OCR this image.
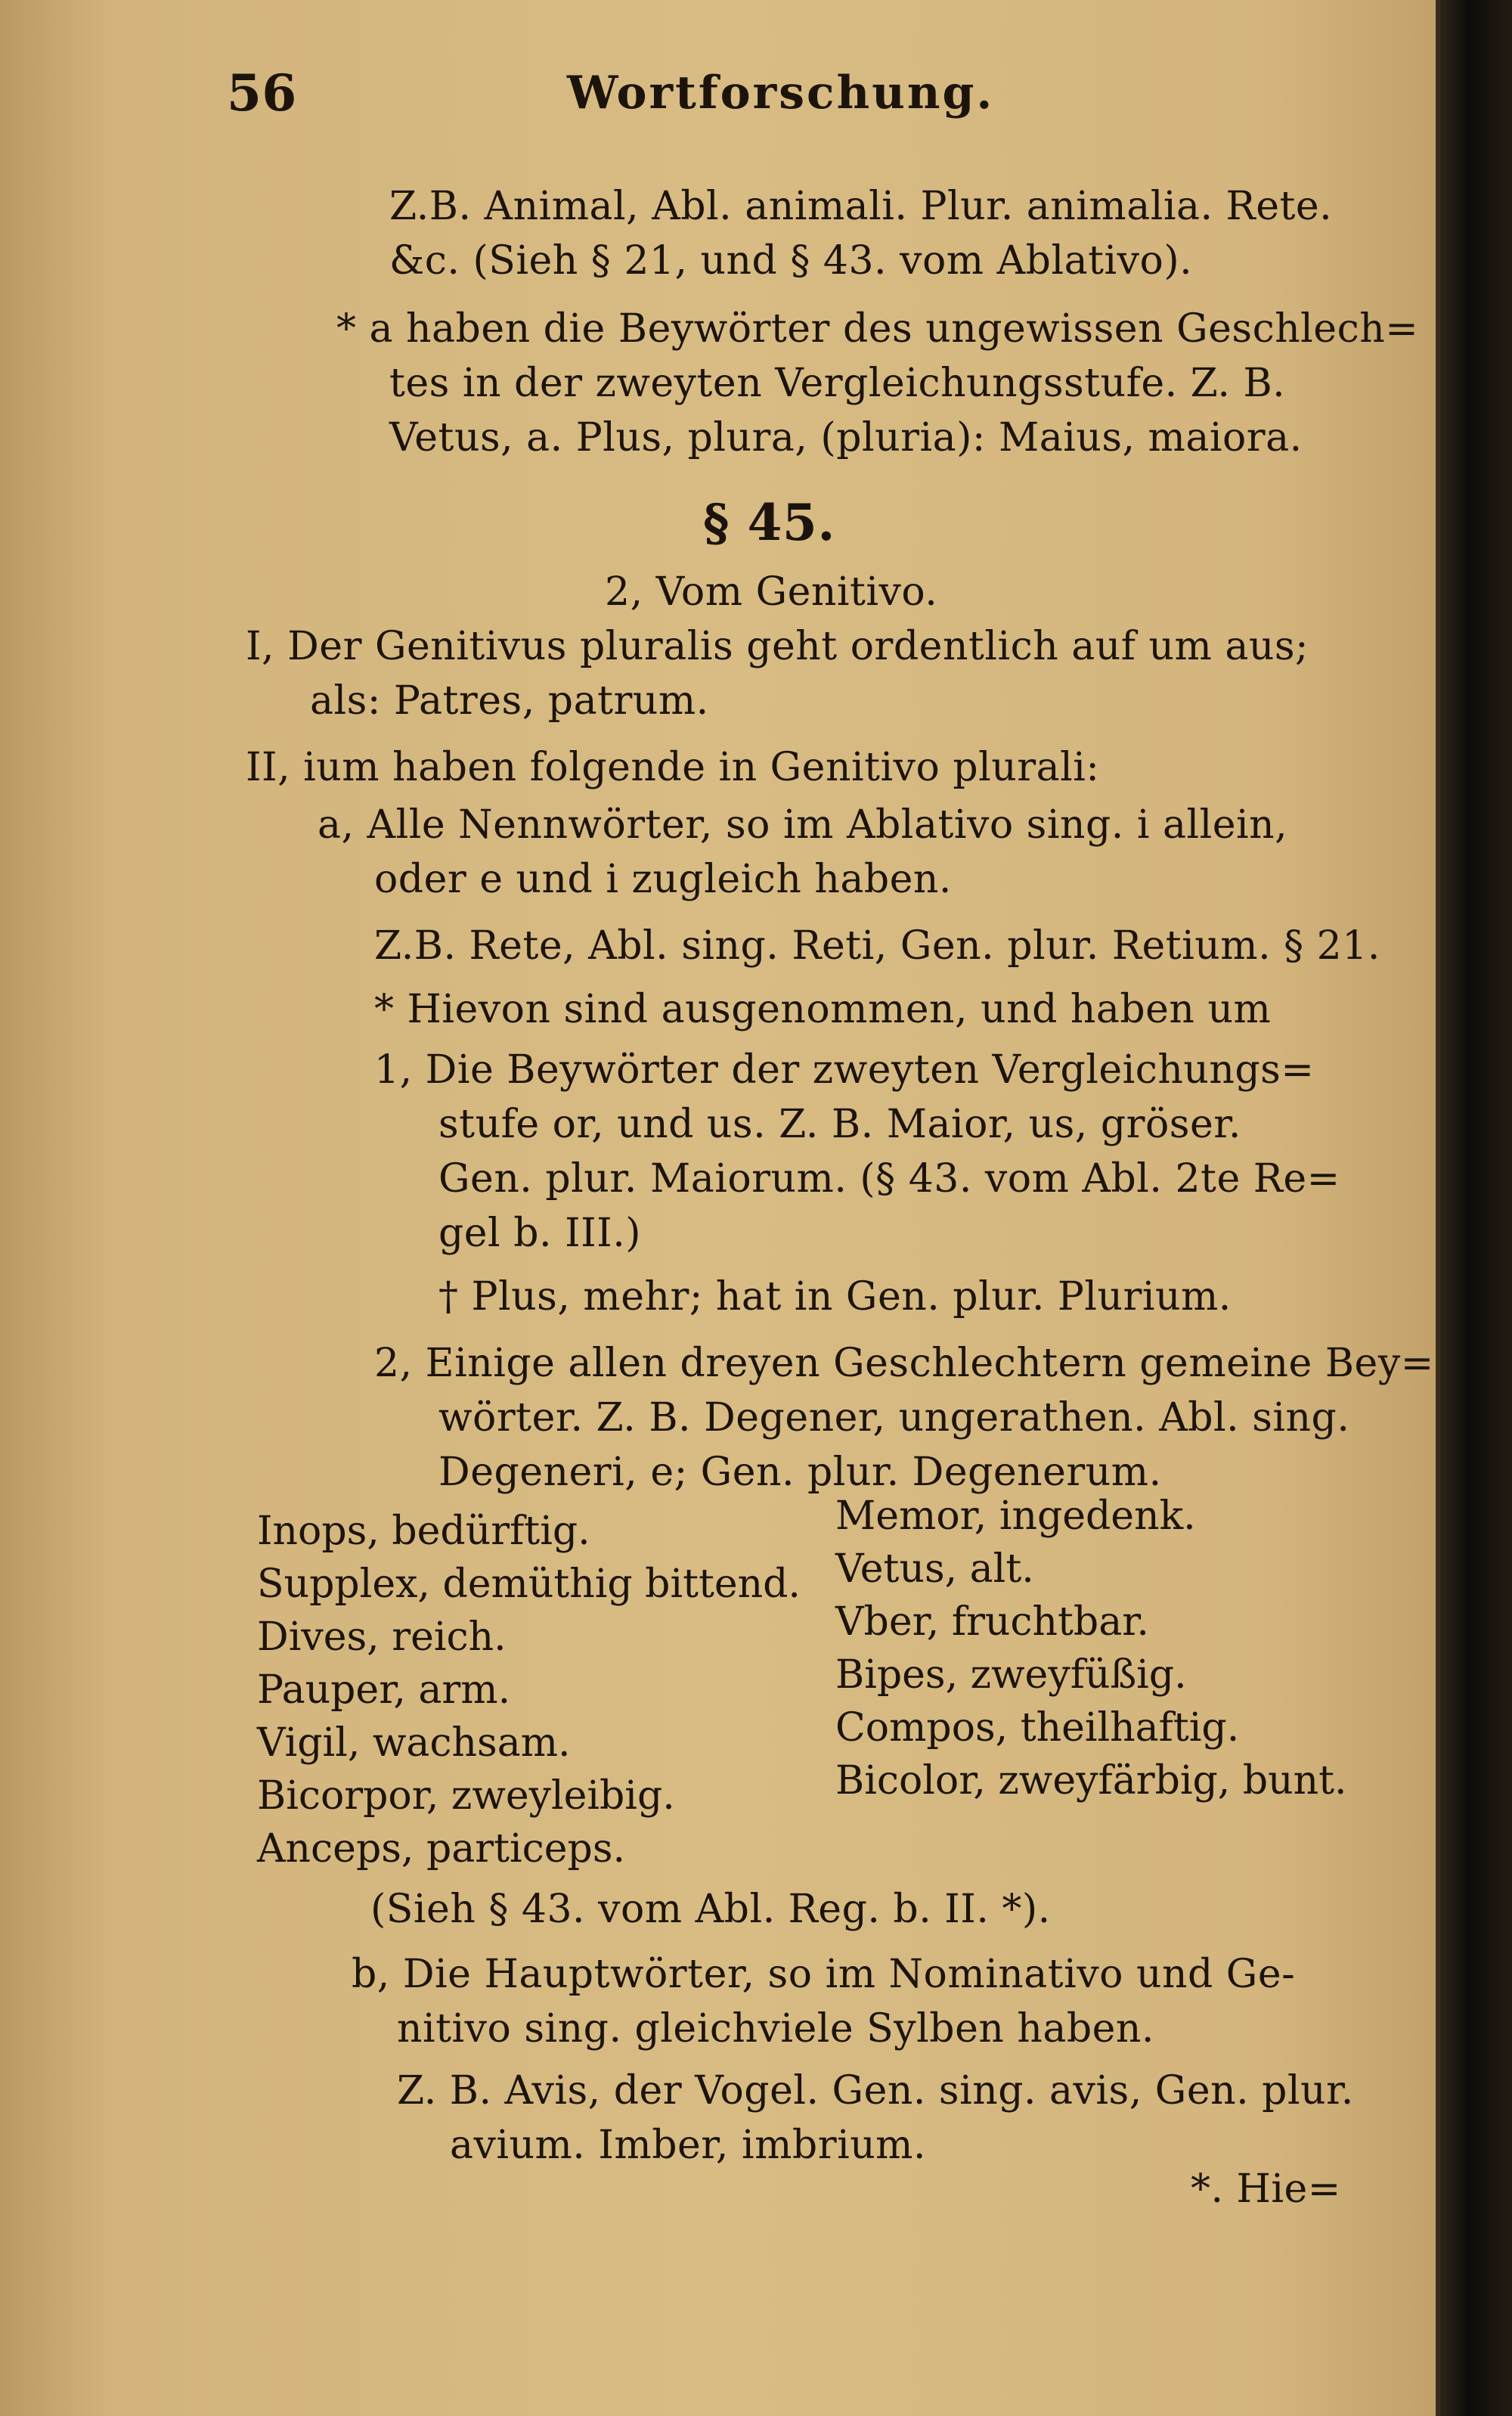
56	Wortforschung.
Z.B. Animal, Abl. animali. Plur. animalia. Rete.
&c. (Sieh § 21, und § 43. vom Ablativo).
* a haben die Beywörter des ungewissen Geschlech=
tes in der zweyten Vergleichungsstufe. Z. B.
Vetus, a. Plus, plura, (pluria): Maius, maiora.
§ 45.
2, Vom Genitivo.
I, Der Genitivus pluralis geht ordentlich auf um aus;
als: Patres, patrum.
II, ium haben folgende in Genitivo plurali:
a, Alle Nennwörter, so im Ablativo sing. i allein,
oder e und i zugleich haben.
Z.B. Rete, Abl. sing. Reti, Gen. plur. Retium. § 21.
* Hievon sind ausgenommen, und haben um
1, Die Beywörter der zweyten Vergleichungs=
stufe or, und us. Z. B. Maior, us, gröser.
Gen. plur. Maiorum. (§ 43. vom Abl. 2te Re=
gel b. III.)
† Plus, mehr; hat in Gen. plur. Plurium.
2, Einige allen dreyen Geschlechtern gemeine Bey=
wörter. Z. B. Degener, ungerathen. Abl. sing.
Degeneri, e; Gen. plur. Degenerum.
Inops, bedürftig.
Supplex, demüthig bittend.
Dives, reich.
Pauper, arm.
Vigil, wachsam.
Bicorpor, zweyleibig.
Anceps, particeps.
Memor, ingedenk.
Vetus, alt.
Vber, fruchtbar.
Bipes, zweyfüßig.
Compos, theilhaftig.
Bicolor, zweyfärbig, bunt.
(Sieh § 43. vom Abl. Reg. b. II. *).
b, Die Hauptwörter, so im Nominativo und Ge-
nitivo sing. gleichviele Sylben haben.
Z. B. Avis, der Vogel. Gen. sing. avis, Gen. plur.
avium. Imber, imbrium.
*. Hie=
